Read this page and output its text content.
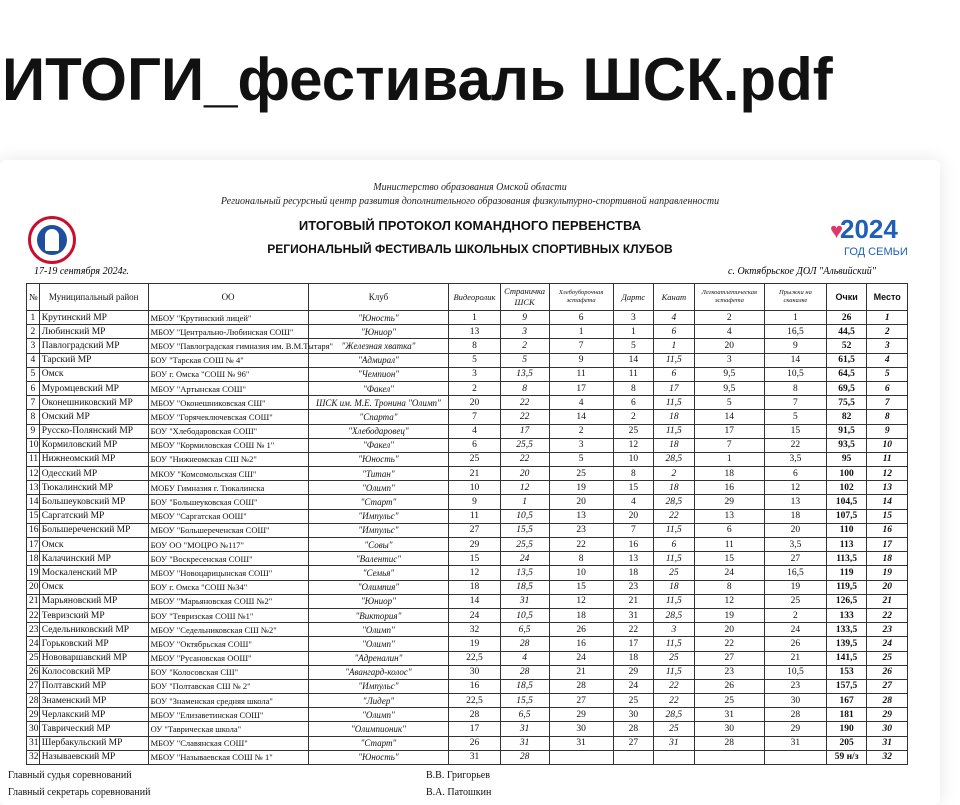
ИТОГИ_фестиваль ШСК.pdf
♥
2024
ГОД СЕМЬИ
Министерство образования Омской области
Региональный ресурсный центр развития дополнительного образования физкультурно-спортивной направленности
ИТОГОВЫЙ ПРОТОКОЛ КОМАНДНОГО ПЕРВЕНСТВА
РЕГИОНАЛЬНЫЙ ФЕСТИВАЛЬ ШКОЛЬНЫХ СПОРТИВНЫХ КЛУБОВ
17-19 сентября 2024г.	с. Октябрьское ДОЛ "Альвийский"
№	Муниципальный район	ОО	Клуб	Видеоролик	Страничка ШСК	Хлебоуборочная эстафета	Дартс	Канат	Легкоатлетическая эстафета	Прыжки на скакалке	Очки	Место
1	Крутинский МР	МБОУ "Крутинский лицей"	"Юность"	1	9	6	3	4	2	1	26	1
2	Любинский МР	МБОУ "Центрально-Любинская СОШ"	"Юниор"	13	3	1	1	6	4	16,5	44,5	2
3	Павлоградский МР	МБОУ "Павлоградская гимназия им. В.М.Тытаря"	"Железная хватка"	8	2	7	5	1	20	9	52	3
4	Тарский МР	БОУ "Тарская СОШ № 4"	"Адмирал"	5	5	9	14	11,5	3	14	61,5	4
5	Омск	БОУ г. Омска "СОШ № 96"	"Чемпион"	3	13,5	11	11	6	9,5	10,5	64,5	5
6	Муромцевский МР	МБОУ "Артынская СОШ"	"Факел"	2	8	17	8	17	9,5	8	69,5	6
7	Оконешниковский МР	МБОУ "Оконешниковская СШ"	ШСК им. М.Е. Тронина "Олимп"	20	22	4	6	11,5	5	7	75,5	7
8	Омский МР	МБОУ "Горячеключевская СОШ"	"Спарта"	7	22	14	2	18	14	5	82	8
9	Русско-Полянский МР	БОУ "Хлебодаровская СОШ"	"Хлебодаровец"	4	17	2	25	11,5	17	15	91,5	9
10	Кормиловский МР	МБОУ "Кормиловская СОШ № 1"	"Факел"	6	25,5	3	12	18	7	22	93,5	10
11	Нижнеомский МР	БОУ "Нижнеомская СШ №2"	"Юность"	25	22	5	10	28,5	1	3,5	95	11
12	Одесский МР	МКОУ "Комсомольская СШ"	"Титан"	21	20	25	8	2	18	6	100	12
13	Тюкалинский МР	МОБУ Гимназия г. Тюкалинска	"Олимп"	10	12	19	15	18	16	12	102	13
14	Большеуковский МР	БОУ "Большеуковская СОШ"	"Старт"	9	1	20	4	28,5	29	13	104,5	14
15	Саргатский МР	МБОУ "Саргатская ООШ"	"Импульс"	11	10,5	13	20	22	13	18	107,5	15
16	Большереченский МР	МБОУ "Большереченская СОШ"	"Импульс"	27	15,5	23	7	11,5	6	20	110	16
17	Омск	БОУ ОО "МОЦРО №117"	"Совы"	29	25,5	22	16	6	11	3,5	113	17
18	Калачинский МР	БОУ "Воскресенская СОШ"	"Валентис"	15	24	8	13	11,5	15	27	113,5	18
19	Москаленский МР	МБОУ "Новоцарицынская СОШ"	"Семья"	12	13,5	10	18	25	24	16,5	119	19
20	Омск	БОУ г. Омска "СОШ №34"	"Олимпия"	18	18,5	15	23	18	8	19	119,5	20
21	Марьяновский МР	МБОУ "Марьяновская СОШ №2"	"Юниор"	14	31	12	21	11,5	12	25	126,5	21
22	Тевризский МР	БОУ "Тевризская СОШ №1"	"Виктория"	24	10,5	18	31	28,5	19	2	133	22
23	Седельниковский МР	МБОУ "Седельниковская СШ №2"	"Олимп"	32	6,5	26	22	3	20	24	133,5	23
24	Горьковский МР	МБОУ "Октябрьская СОШ"	"Олимп"	19	28	16	17	11,5	22	26	139,5	24
25	Нововаршавский МР	МБОУ "Русановская ООШ"	"Адреналин"	22,5	4	24	18	25	27	21	141,5	25
26	Колосовский МР	БОУ "Колосовская СШ"	"Авангард-колос"	30	28	21	29	11,5	23	10,5	153	26
27	Полтавский МР	БОУ "Полтавская СШ № 2"	"Импульс"	16	18,5	28	24	22	26	23	157,5	27
28	Знаменский МР	БОУ "Знаменская средняя школа"	"Лидер"	22,5	15,5	27	25	22	25	30	167	28
29	Черлакский МР	МБОУ "Елизаветинская СОШ"	"Олимп"	28	6,5	29	30	28,5	31	28	181	29
30	Таврический МР	ОУ "Таврическая школа"	"Олимпионик"	17	31	30	28	25	30	29	190	30
31	Шербакульский МР	МБОУ "Славянская СОШ"	"Старт"	26	31	31	27	31	28	31	205	31
32	Называевский МР	МБОУ "Называевская СОШ № 1"	"Юность"	31	28						59 н/з	32
Главный судья соревнований	В.В. Григорьев
Главный секретарь соревнований	В.А. Патошкин
